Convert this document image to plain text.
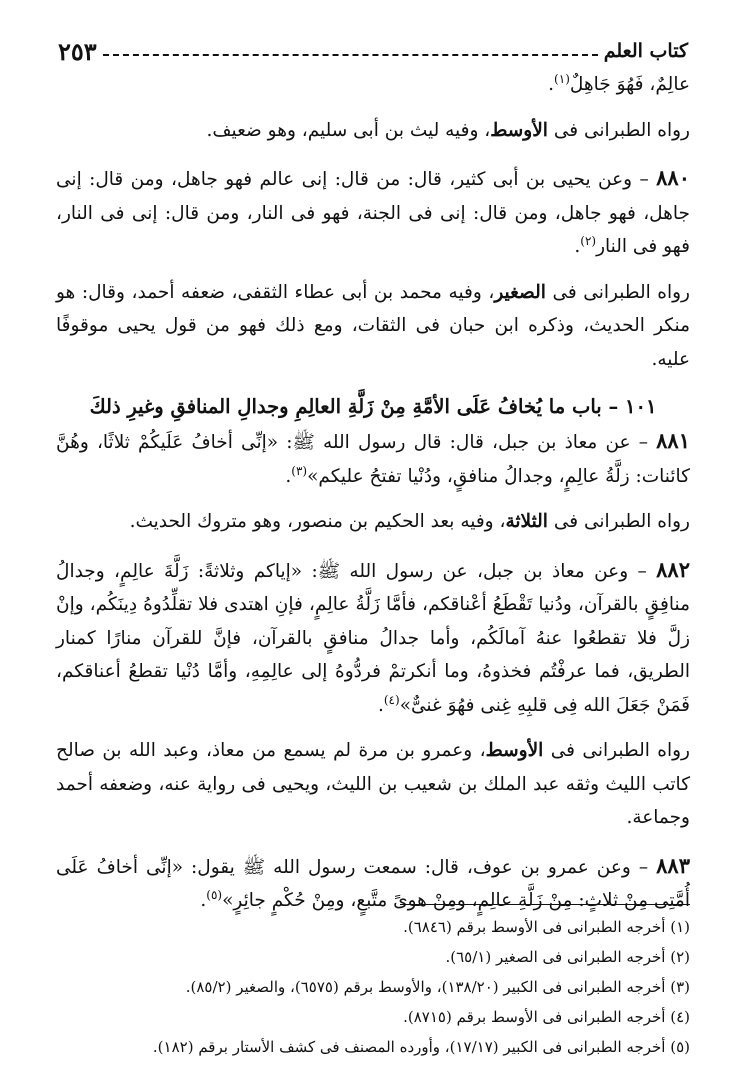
كتاب العلم
٢٥٣

عالِمٌ، فَهُوَ جَاهِلٌ$^{(١)}$.

رواه الطبرانى فى الأوسط، وفيه ليث بن أبى سليم، وهو ضعيف.

٨٨٠ – وعن يحيى بن أبى كثير، قال: من قال: إنى عالم فهو جاهل، ومن قال: إنى جاهل، فهو جاهل، ومن قال: إنى فى الجنة، فهو فى النار، ومن قال: إنى فى النار، فهو فى النار$^{(٢)}$.

رواه الطبرانى فى الصغير، وفيه محمد بن أبى عطاء الثقفى، ضعفه أحمد، وقال: هو منكر الحديث، وذكره ابن حبان فى الثقات، ومع ذلك فهو من قول يحيى موقوفًا عليه.

١٠١ – باب ما يُخافُ عَلَى الأمَّةِ مِنْ زَلَّةِ العالِمِ وجدالِ المنافقِ وغيرِ ذلكَ

٨٨١ – عن معاذ بن جبل، قال: قال رسول الله ﷺ: «إنِّى أخافُ عَلَيكُمْ ثلاثًا، وهُنَّ كائنات: زلَّةُ عالِمٍ، وجدالُ منافقٍ، ودُنْيا تفتحُ عليكم»$^{(٣)}$.

رواه الطبرانى فى الثلاثة، وفيه بعد الحكيم بن منصور، وهو متروك الحديث.

٨٨٢ – وعن معاذ بن جبل، عن رسول الله ﷺ: «إياكم وثلاثةً: زَلَّةَ عالِمٍ، وجدالُ منافِقٍ بالقرآن، ودُنيا تَقْطَعُ أعْناقكم، فأمَّا زَلَّةُ عالِمٍ، فإنِ اهتدى فلا تقلِّدُوهُ دِينَكُم، وإنْ زلَّ فلا تقطعُوا عنهُ آمالَكُم، وأما جدالُ منافقٍ بالقرآن، فإنَّ للقرآن منارًا كمنار الطريق، فما عرفْتُم فخذوهُ، وما أنكرتمْ فردُّوهُ إلى عالِمِهِ، وأمَّا دُنْيا تقطعُ أعناقكم، فَمَنْ جَعَلَ الله فِى قلبِهِ غِنى فهُوَ غنىٌّ»$^{(٤)}$.

رواه الطبرانى فى الأوسط، وعمرو بن مرة لم يسمع من معاذ، وعبد الله بن صالح كاتب الليث وثقه عبد الملك بن شعيب بن الليث، ويحيى فى رواية عنه، وضعفه أحمد وجماعة.

٨٨٣ – وعن عمرو بن عوف، قال: سمعت رسول الله ﷺ يقول: «إنِّى أخافُ عَلَى أُمَّتِى مِنْ ثلاثٍ: مِنْ زَلَّةِ عالِمٍ، ومِنْ هوىً متَّبعٍ، ومِنْ حُكْمٍ جائِرٍ»$^{(٥)}$.

(١) أخرجه الطبرانى فى الأوسط برقم (٦٨٤٦).

(٢) أخرجه الطبرانى فى الصغير (٦٥/١).

(٣) أخرجه الطبرانى فى الكبير (١٣٨/٢٠)، والأوسط برقم (٦٥٧٥)، والصغير (٨٥/٢).

(٤) أخرجه الطبرانى فى الأوسط برقم (٨٧١٥).

(٥) أخرجه الطبرانى فى الكبير (١٧/١٧)، وأورده المصنف فى كشف الأستار برقم (١٨٢).
